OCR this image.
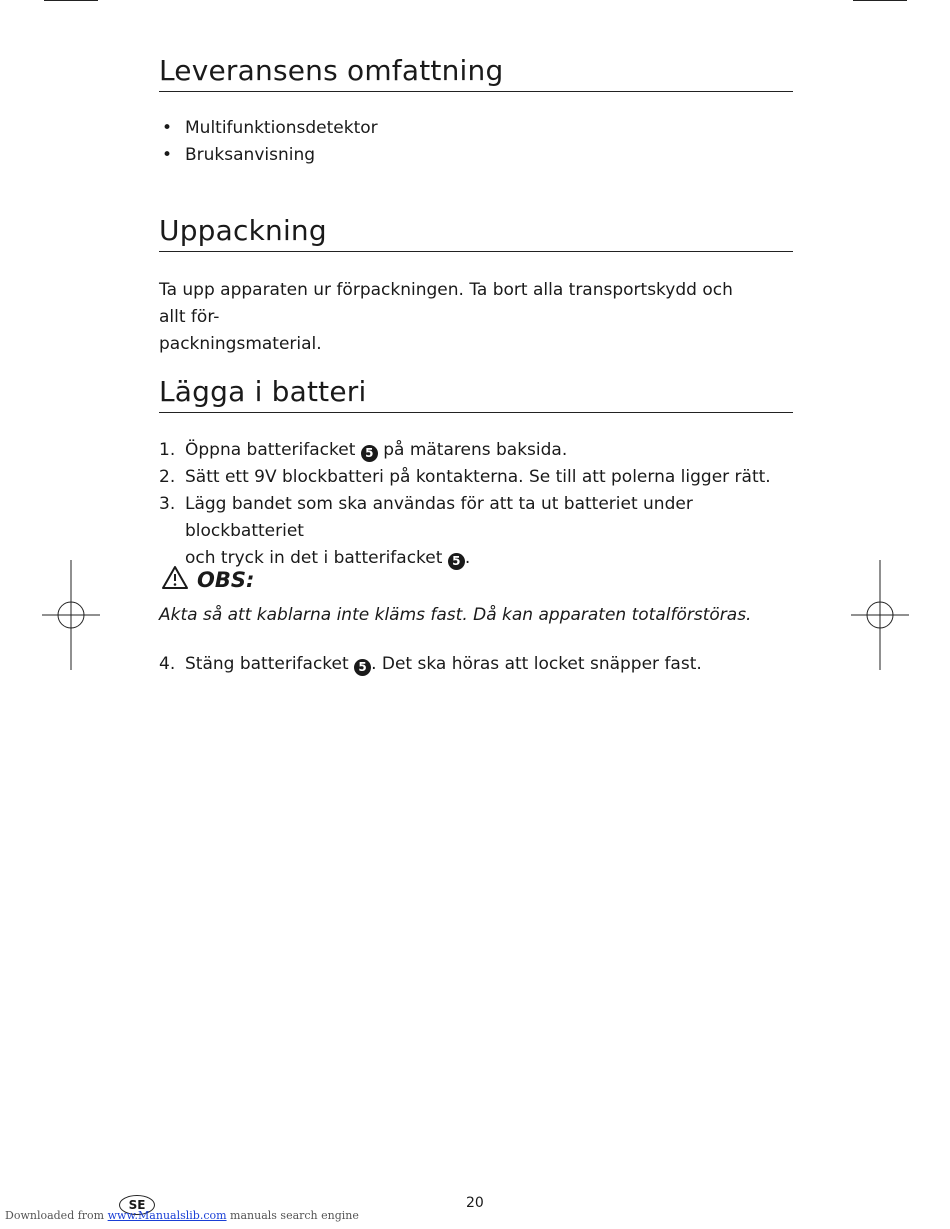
Leveransens omfattning
• Multifunktionsdetektor
• Bruksanvisning
Uppackning

Ta upp apparaten ur förpackningen. Ta bort alla transportskydd och allt för-
packningsmaterial.

Lägga i batteri
1. Öppna batterifacket 5 på mätarens baksida.
2. Sätt ett 9V blockbatteri på kontakterna. Se till att polerna ligger rätt.
3. Lägg bandet som ska användas för att ta ut batteriet under blockbatteriet
och tryck in det i batterifacket 5 .
OBS:
Akta så att kablarna inte kläms fast. Då kan apparaten totalförstöras.
4. Stäng batterifacket 5 . Det ska höras att locket snäpper fast.
20
SE
Downloaded from www.Manualslib.com manuals search engine
